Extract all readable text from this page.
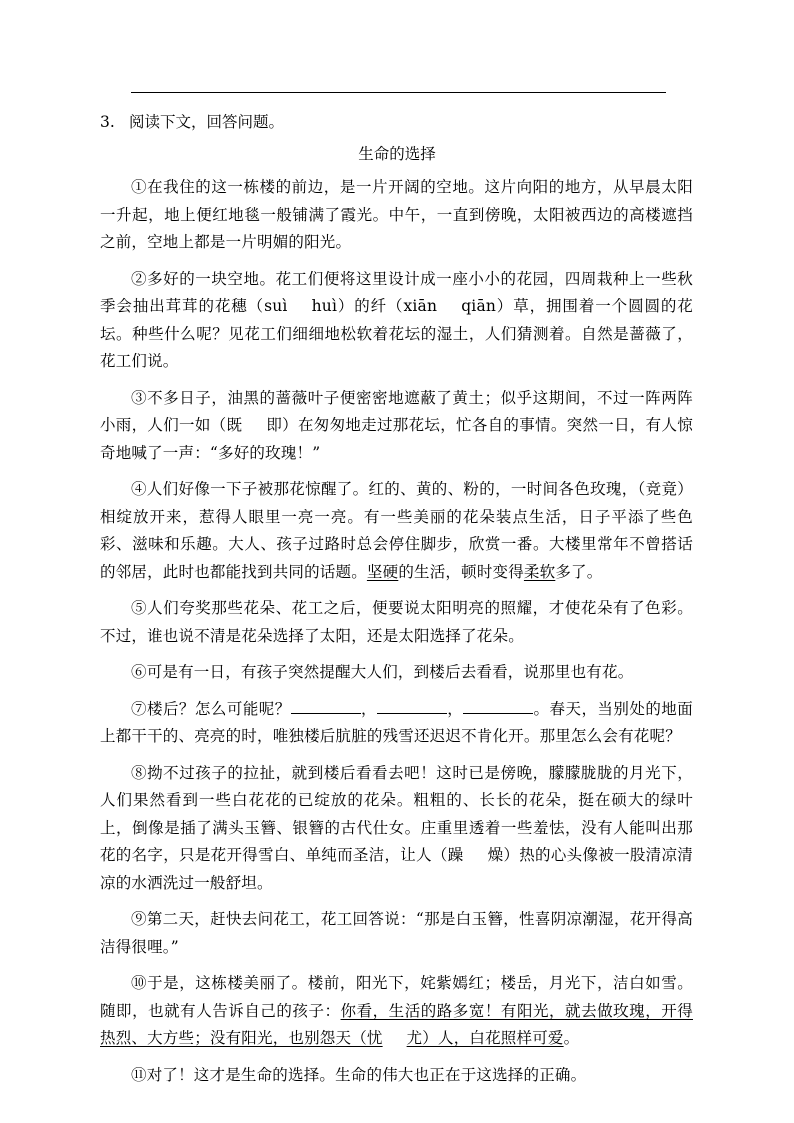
3. 阅读下文，回答问题。
生命的选择

①在我住的这一栋楼的前边，是一片开阔的空地。这片向阳的地方，从早晨太阳一升起，地上便红地毯一般铺满了霞光。中午，一直到傍晚，太阳被西边的高楼遮挡之前，空地上都是一片明媚的阳光。

②多好的一块空地。花工们便将这里设计成一座小小的花园，四周栽种上一些秋季会抽出茸茸的花穗（suì huì）的纤（xiān qiān）草，拥围着一个圆圆的花坛。种些什么呢？见花工们细细地松软着花坛的湿土，人们猜测着。自然是蔷薇了，花工们说。

③不多日子，油黑的蔷薇叶子便密密地遮蔽了黄土；似乎这期间，不过一阵两阵小雨，人们一如（既 即）在匆匆地走过那花坛，忙各自的事情。突然一日，有人惊奇地喊了一声：“多好的玫瑰！”

④人们好像一下子被那花惊醒了。红的、黄的、粉的，一时间各色玫瑰，（竞竟）相绽放开来，惹得人眼里一亮一亮。有一些美丽的花朵装点生活，日子平添了些色彩、滋味和乐趣。大人、孩子过路时总会停住脚步，欣赏一番。大楼里常年不曾搭话的邻居，此时也都能找到共同的话题。坚硬的生活，顿时变得柔软多了。

⑤人们夸奖那些花朵、花工之后，便要说太阳明亮的照耀，才使花朵有了色彩。不过，谁也说不清是花朵选择了太阳，还是太阳选择了花朵。

⑥可是有一日，有孩子突然提醒大人们，到楼后去看看，说那里也有花。

⑦楼后？怎么可能呢？	，	，	。春天，当别处的地面上都干干的、亮亮的时，唯独楼后肮脏的残雪还迟迟不肯化开。那里怎么会有花呢？

⑧拗不过孩子的拉扯，就到楼后看看去吧！这时已是傍晚，朦朦胧胧的月光下，人们果然看到一些白花花的已绽放的花朵。粗粗的、长长的花朵，挺在硕大的绿叶上，倒像是插了满头玉簪、银簪的古代仕女。庄重里透着一些羞怯，没有人能叫出那花的名字，只是花开得雪白、单纯而圣洁，让人（躁 燥）热的心头像被一股清凉清凉的水洒洗过一般舒坦。

⑨第二天，赶快去问花工，花工回答说：“那是白玉簪，性喜阴凉潮湿，花开得高洁得很哩。”

⑩于是，这栋楼美丽了。楼前，阳光下，姹紫嫣红；楼岳，月光下，洁白如雪。随即，也就有人告诉自己的孩子：你看，生活的路多宽！有阳光，就去做玫瑰，开得热烈、大方些；没有阳光，也别怨天（忧 尤）人，白花照样可爱。

⑪对了！这才是生命的选择。生命的伟大也正在于这选择的正确。
